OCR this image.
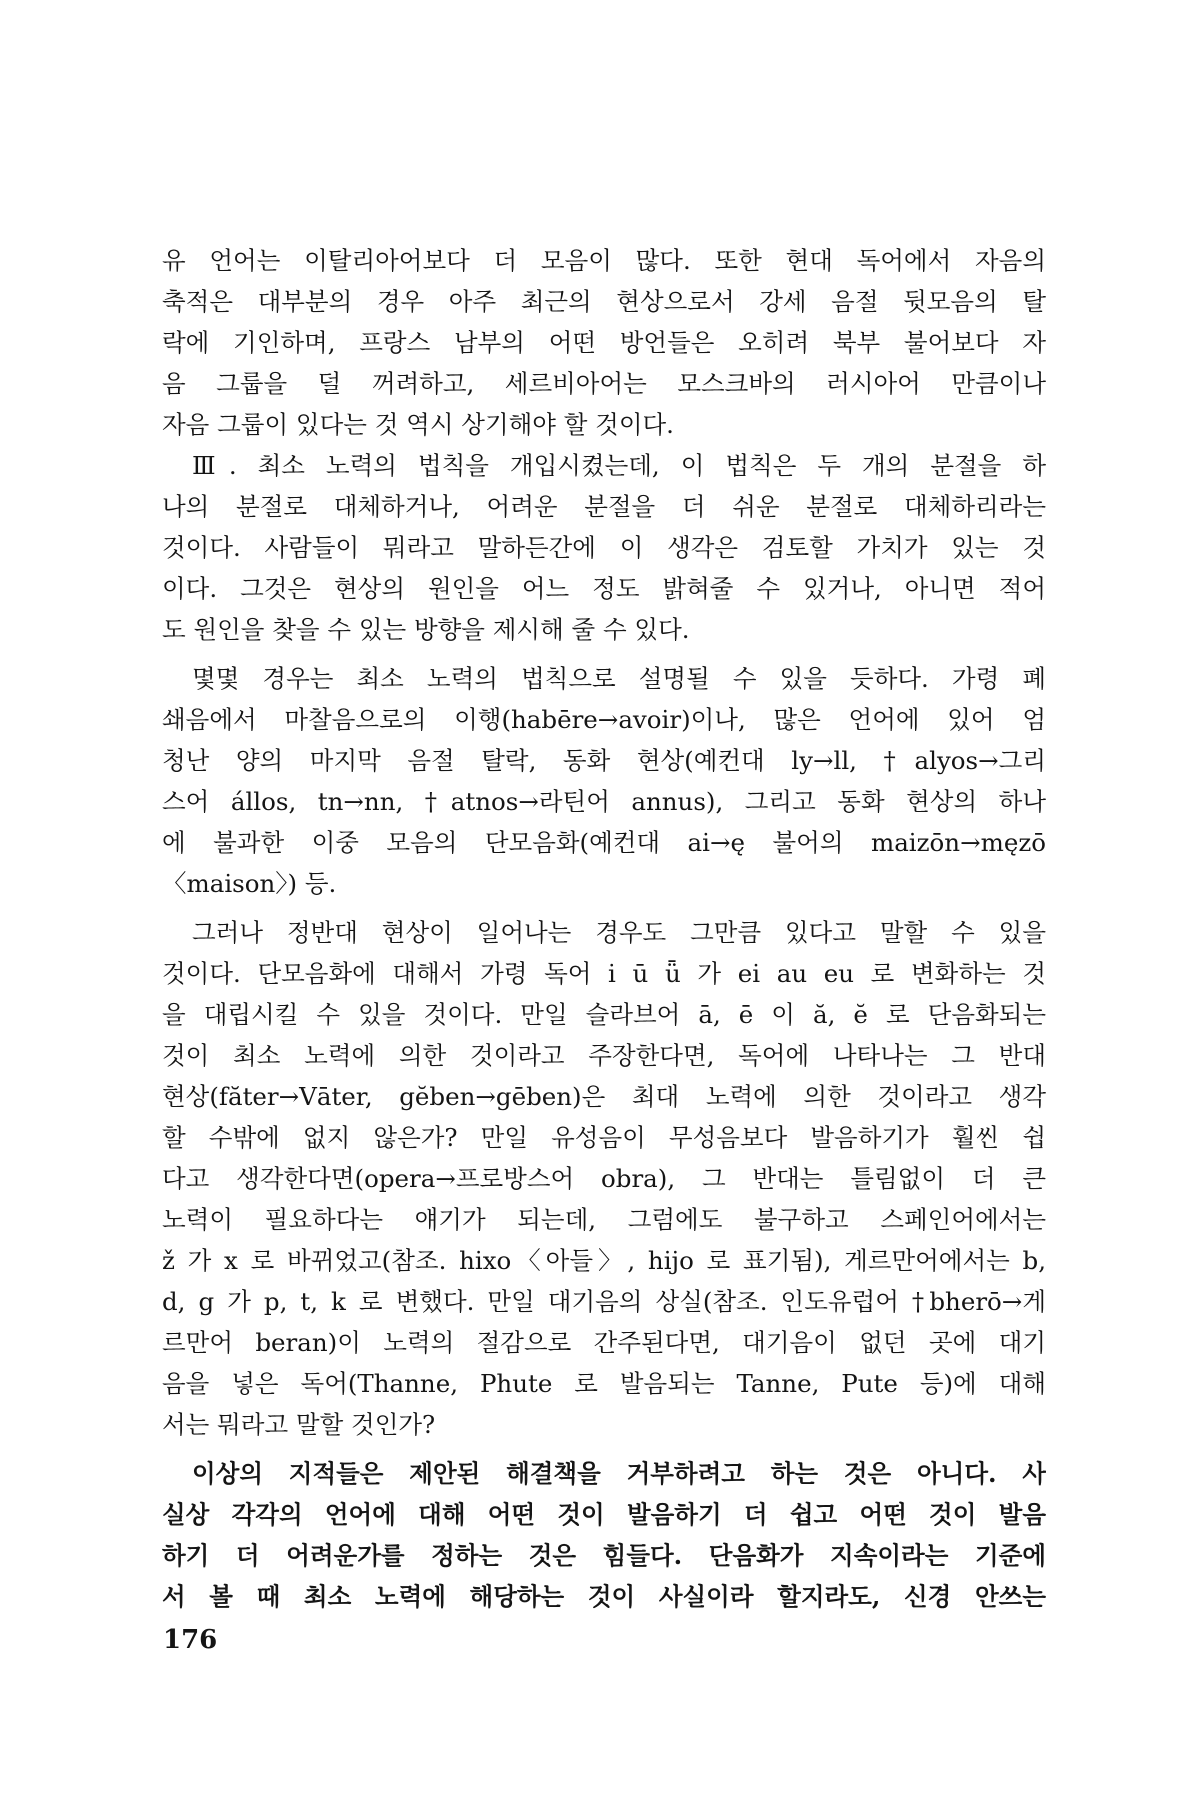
유 언어는 이탈리아어보다 더 모음이 많다. 또한 현대 독어에서 자음의
축적은 대부분의 경우 아주 최근의 현상으로서 강세 음절 뒷모음의 탈
락에 기인하며, 프랑스 남부의 어떤 방언들은 오히려 북부 불어보다 자
음 그룹을 덜 꺼려하고, 세르비아어는 모스크바의 러시아어 만큼이나
자음 그룹이 있다는 것 역시 상기해야 할 것이다.
Ⅲ. 최소 노력의 법칙을 개입시켰는데, 이 법칙은 두 개의 분절을 하
나의 분절로 대체하거나, 어려운 분절을 더 쉬운 분절로 대체하리라는
것이다. 사람들이 뭐라고 말하든간에 이 생각은 검토할 가치가 있는 것
이다. 그것은 현상의 원인을 어느 정도 밝혀줄 수 있거나, 아니면 적어
도 원인을 찾을 수 있는 방향을 제시해 줄 수 있다.
몇몇 경우는 최소 노력의 법칙으로 설명될 수 있을 듯하다. 가령 폐
쇄음에서 마찰음으로의 이행(habēre→avoir)이나, 많은 언어에 있어 엄
청난 양의 마지막 음절 탈락, 동화 현상(예컨대 ly→ll, †alyos→그리
스어 állos, tn→nn, †atnos→라틴어 annus), 그리고 동화 현상의 하나
에 불과한 이중 모음의 단모음화(예컨대 ai→ę 불어의 maizōn→męzō
〈maison〉) 등.
그러나 정반대 현상이 일어나는 경우도 그만큼 있다고 말할 수 있을
것이다. 단모음화에 대해서 가령 독어 i ū ǖ 가 ei au eu 로 변화하는 것
을 대립시킬 수 있을 것이다. 만일 슬라브어 ā, ē 이 ă, ĕ 로 단음화되는
것이 최소 노력에 의한 것이라고 주장한다면, 독어에 나타나는 그 반대
현상(făter→Vāter, gĕben→gēben)은 최대 노력에 의한 것이라고 생각
할 수밖에 없지 않은가? 만일 유성음이 무성음보다 발음하기가 훨씬 쉽
다고 생각한다면(opera→프로방스어 obra), 그 반대는 틀림없이 더 큰
노력이 필요하다는 얘기가 되는데, 그럼에도 불구하고 스페인어에서는
ž 가 x 로 바뀌었고(참조. hixo〈아들〉, hijo 로 표기됨), 게르만어에서는 b,
d, g 가 p, t, k 로 변했다. 만일 대기음의 상실(참조. 인도유럽어 †bherō→게
르만어 beran)이 노력의 절감으로 간주된다면, 대기음이 없던 곳에 대기
음을 넣은 독어(Thanne, Phute 로 발음되는 Tanne, Pute 등)에 대해
서는 뭐라고 말할 것인가?
이상의 지적들은 제안된 해결책을 거부하려고 하는 것은 아니다. 사
실상 각각의 언어에 대해 어떤 것이 발음하기 더 쉽고 어떤 것이 발음
하기 더 어려운가를 정하는 것은 힘들다. 단음화가 지속이라는 기준에
서 볼 때 최소 노력에 해당하는 것이 사실이라 할지라도, 신경 안쓰는
176
